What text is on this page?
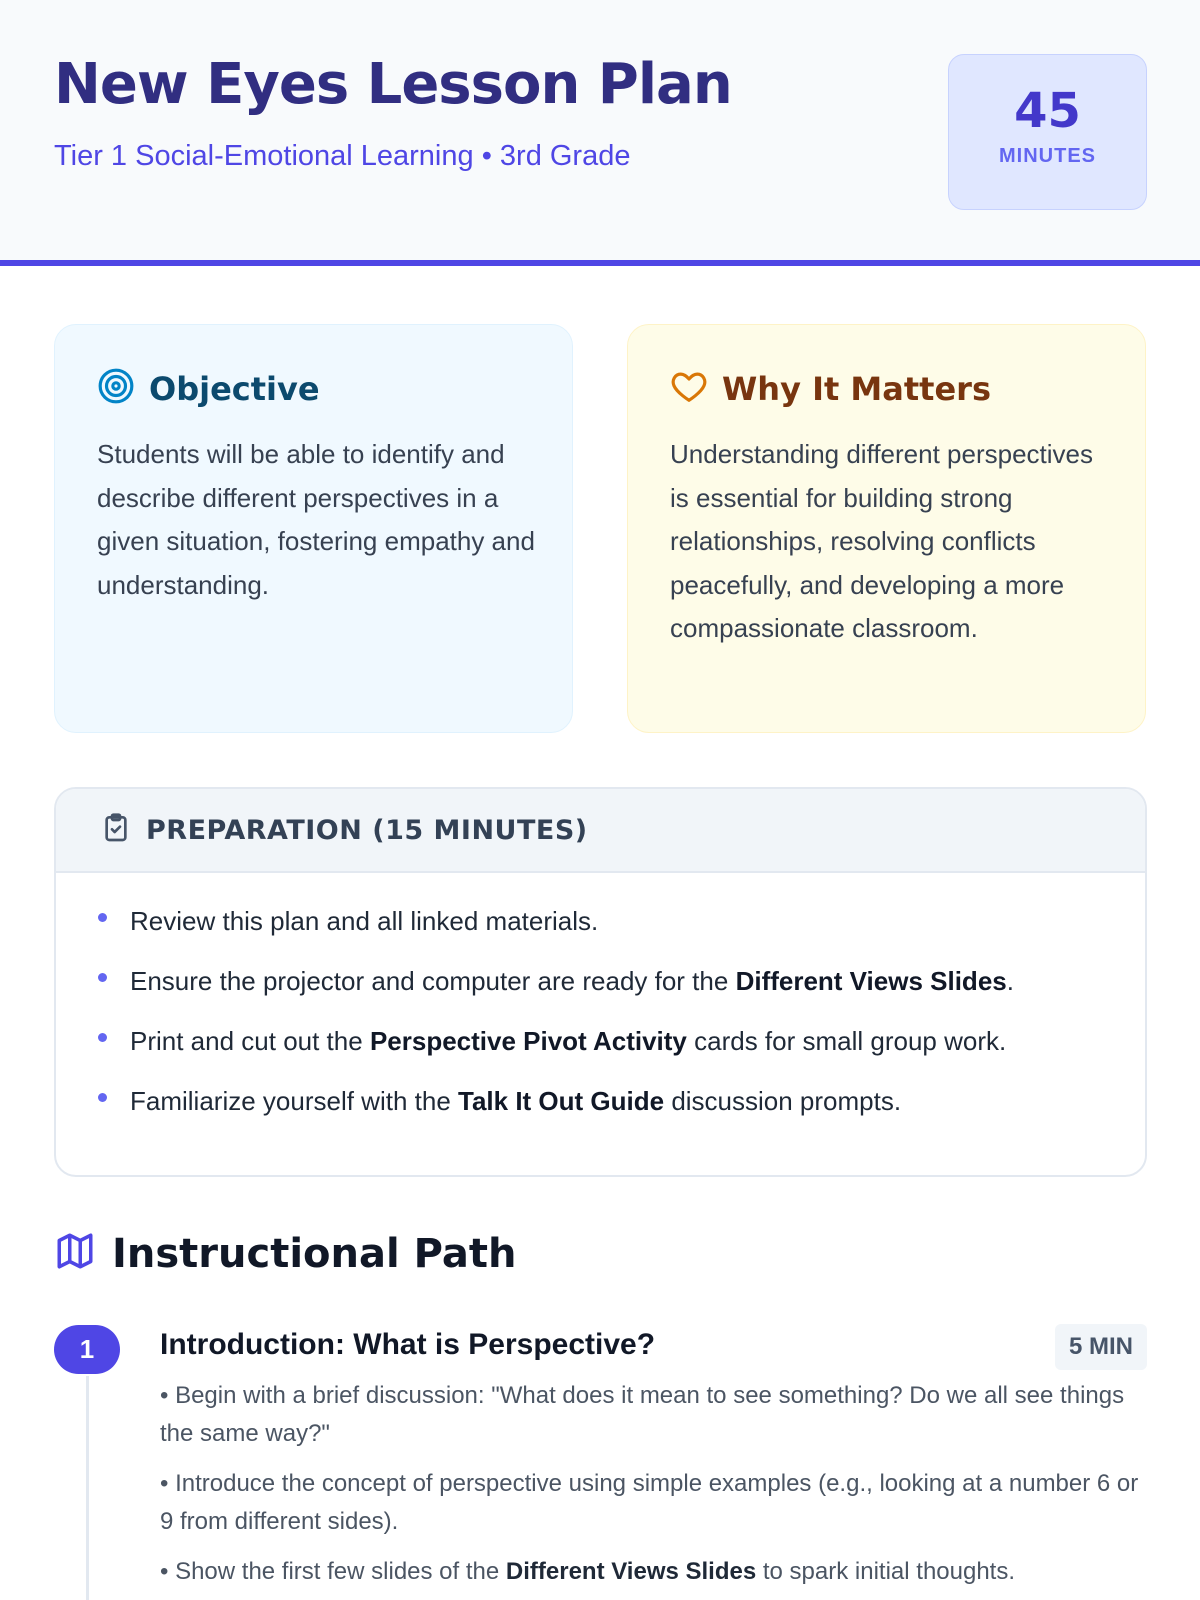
New Eyes Lesson Plan
Tier 1 Social-Emotional Learning • 3rd Grade
45
MINUTES
Objective

Students will be able to identify and describe different perspectives in a given situation, fostering empathy and understanding.

Why It Matters

Understanding different perspectives is essential for building strong relationships, resolving conflicts peacefully, and developing a more compassionate classroom.

PREPARATION (15 MINUTES)
Review this plan and all linked materials.
Ensure the projector and computer are ready for the Different Views Slides.
Print and cut out the Perspective Pivot Activity cards for small group work.
Familiarize yourself with the Talk It Out Guide discussion prompts.
Instructional Path
1	Introduction: What is Perspective?	5 MIN

• Begin with a brief discussion: "What does it mean to see something? Do we all see things the same way?"

• Introduce the concept of perspective using simple examples (e.g., looking at a number 6 or 9 from different sides).

• Show the first few slides of the Different Views Slides to spark initial thoughts.
